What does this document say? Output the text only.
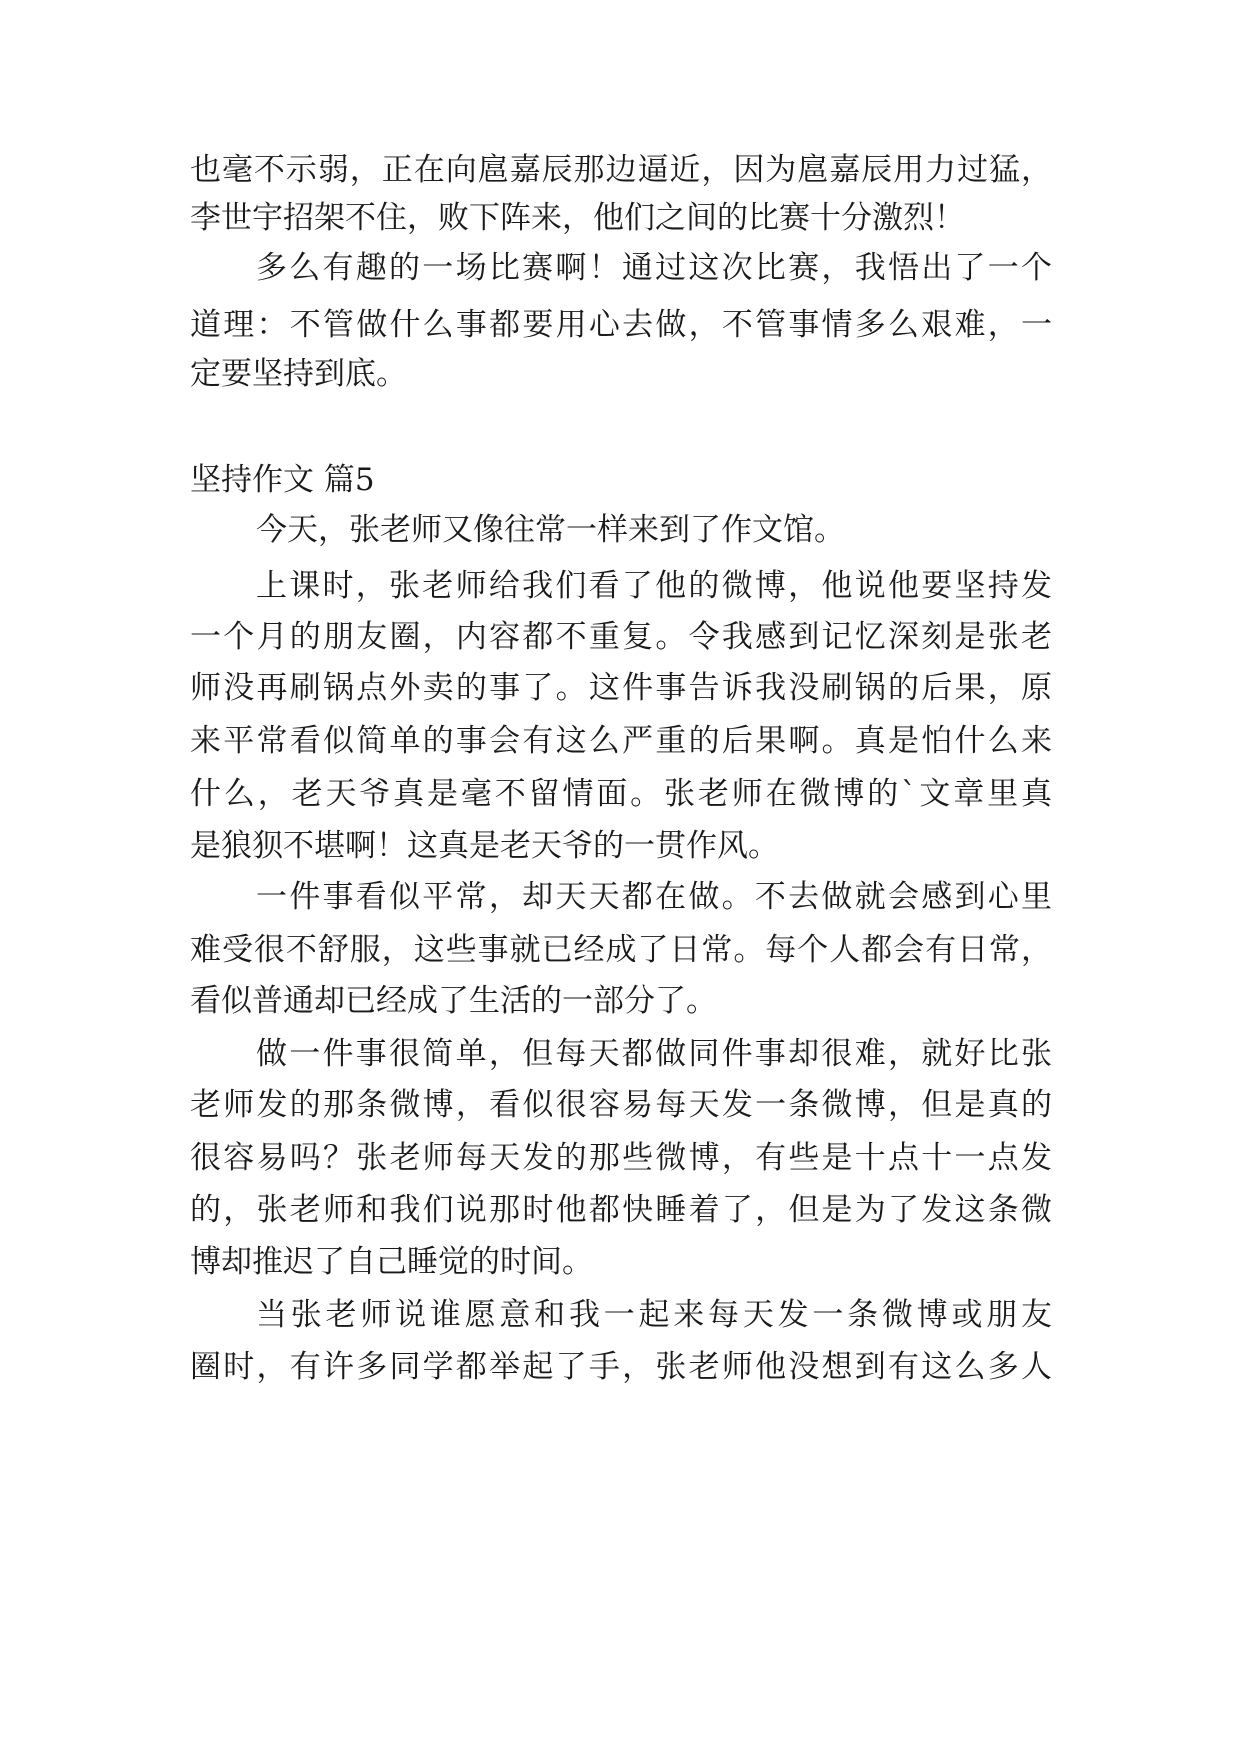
也毫不示弱，正在向扈嘉辰那边逼近，因为扈嘉辰用力过猛，
李世宇招架不住，败下阵来，他们之间的比赛十分激烈！
多么有趣的一场比赛啊！通过这次比赛，我悟出了一个
道理：不管做什么事都要用心去做，不管事情多么艰难，一
定要坚持到底。
坚持作文 篇5
今天，张老师又像往常一样来到了作文馆。
上课时，张老师给我们看了他的微博，他说他要坚持发
一个月的朋友圈，内容都不重复。令我感到记忆深刻是张老
师没再刷锅点外卖的事了。这件事告诉我没刷锅的后果，原
来平常看似简单的事会有这么严重的后果啊。真是怕什么来
什么，老天爷真是毫不留情面。张老师在微博的`文章里真
是狼狈不堪啊！这真是老天爷的一贯作风。
一件事看似平常，却天天都在做。不去做就会感到心里
难受很不舒服，这些事就已经成了日常。每个人都会有日常，
看似普通却已经成了生活的一部分了。
做一件事很简单，但每天都做同件事却很难，就好比张
老师发的那条微博，看似很容易每天发一条微博，但是真的
很容易吗？张老师每天发的那些微博，有些是十点十一点发
的，张老师和我们说那时他都快睡着了，但是为了发这条微
博却推迟了自己睡觉的时间。
当张老师说谁愿意和我一起来每天发一条微博或朋友
圈时，有许多同学都举起了手，张老师他没想到有这么多人
